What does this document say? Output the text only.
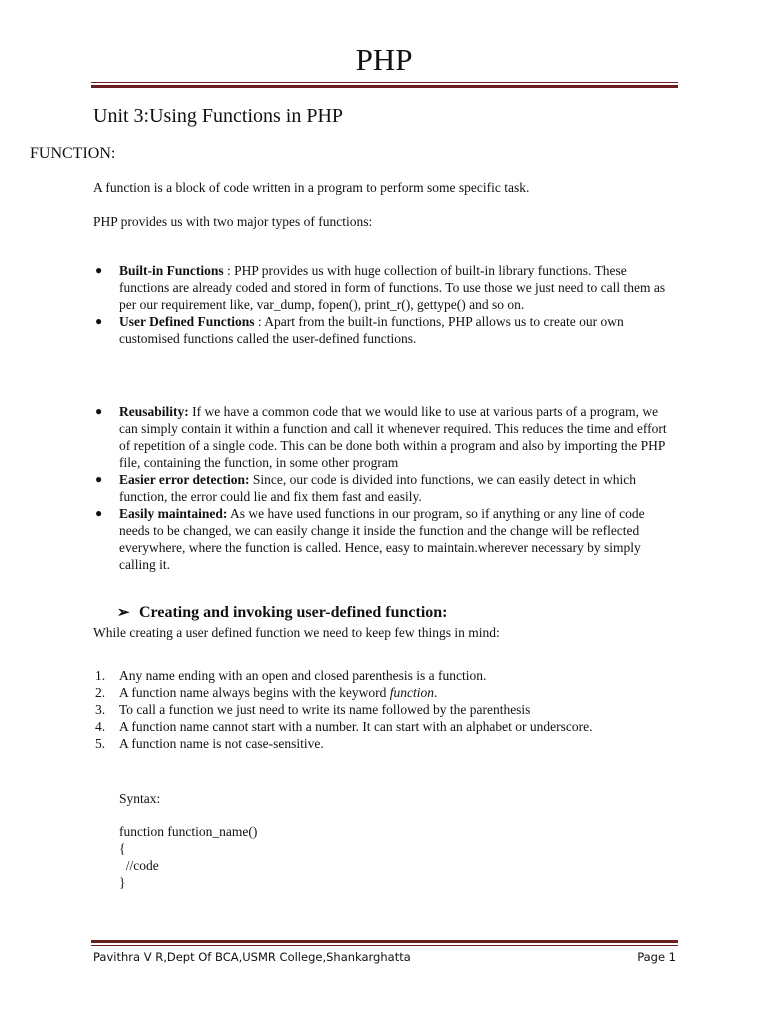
PHP
Unit 3:Using Functions in PHP
FUNCTION:
A function is a block of code written in a program to perform some specific task.
PHP provides us with two major types of functions:
● Built-in Functions : PHP provides us with huge collection of built-in library functions. These functions are already coded and stored in form of functions. To use those we just need to call them as per our requirement like, var_dump, fopen(), print_r(), gettype() and so on.
● User Defined Functions : Apart from the built-in functions, PHP allows us to create our own customised functions called the user-defined functions.
● Reusability: If we have a common code that we would like to use at various parts of a program, we can simply contain it within a function and call it whenever required. This reduces the time and effort of repetition of a single code. This can be done both within a program and also by importing the PHP file, containing the function, in some other program
● Easier error detection: Since, our code is divided into functions, we can easily detect in which function, the error could lie and fix them fast and easily.
● Easily maintained: As we have used functions in our program, so if anything or any line of code needs to be changed, we can easily change it inside the function and the change will be reflected everywhere, where the function is called. Hence, easy to maintain.wherever necessary by simply calling it.
➢ Creating and invoking user-defined function:
While creating a user defined function we need to keep few things in mind:
1. Any name ending with an open and closed parenthesis is a function.
2. A function name always begins with the keyword function.
3. To call a function we just need to write its name followed by the parenthesis
4. A function name cannot start with a number. It can start with an alphabet or underscore.
5. A function name is not case-sensitive.
Syntax:
function function_name()
{
//code
}
Pavithra V R,Dept Of BCA,USMR College,Shankarghatta	Page 1
